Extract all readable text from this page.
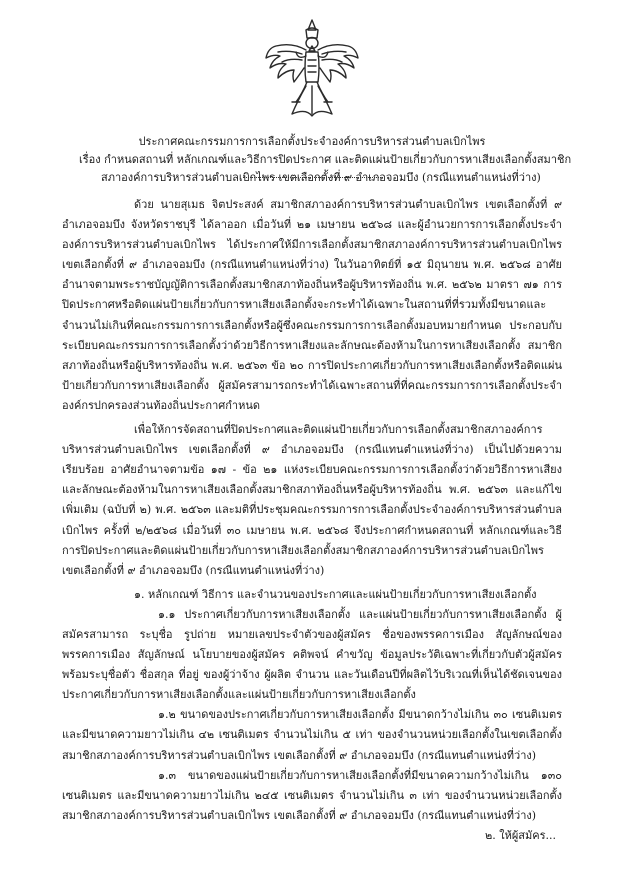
ประกาศคณะกรรมการการเลือกตั้งประจำองค์การบริหารส่วนตำบลเบิกไพร
เรื่อง กำหนดสถานที่ หลักเกณฑ์และวิธีการปิดประกาศ และติดแผ่นป้ายเกี่ยวกับการหาเสียงเลือกตั้งสมาชิก
สภาองค์การบริหารส่วนตำบลเบิกไพร เขตเลือกตั้งที่ ๙ อำเภอจอมบึง (กรณีแทนตำแหน่งที่ว่าง)

ด้วย นายสุเมธ จิตประสงค์ สมาชิกสภาองค์การบริหารส่วนตำบลเบิกไพร เขตเลือกตั้งที่ ๙ อำเภอจอมบึง จังหวัดราชบุรี ได้ลาออก เมื่อวันที่ ๒๑ เมษายน ๒๕๖๘ และผู้อำนวยการการเลือกตั้งประจำองค์การบริหารส่วนตำบลเบิกไพร ได้ประกาศให้มีการเลือกตั้งสมาชิกสภาองค์การบริหารส่วนตำบลเบิกไพร เขตเลือกตั้งที่ ๙ อำเภอจอมบึง (กรณีแทนตำแหน่งที่ว่าง) ในวันอาทิตย์ที่ ๑๕ มิถุนายน พ.ศ. ๒๕๖๘ อาศัยอำนาจตามพระราชบัญญัติการเลือกตั้งสมาชิกสภาท้องถิ่นหรือผู้บริหารท้องถิ่น พ.ศ. ๒๕๖๒ มาตรา ๗๑ การปิดประกาศหรือติดแผ่นป้ายเกี่ยวกับการหาเสียงเลือกตั้งจะกระทำได้เฉพาะในสถานที่ที่รวมทั้งมีขนาดและจำนวนไม่เกินที่คณะกรรมการการเลือกตั้งหรือผู้ซึ่งคณะกรรมการการเลือกตั้งมอบหมายกำหนด ประกอบกับระเบียบคณะกรรมการการเลือกตั้งว่าด้วยวิธีการหาเสียงและลักษณะต้องห้ามในการหาเสียงเลือกตั้ง สมาชิกสภาท้องถิ่นหรือผู้บริหารท้องถิ่น พ.ศ. ๒๕๖๓ ข้อ ๒๐ การปิดประกาศเกี่ยวกับการหาเสียงเลือกตั้งหรือติดแผ่นป้ายเกี่ยวกับการหาเสียงเลือกตั้ง ผู้สมัครสามารถกระทำได้เฉพาะสถานที่ที่คณะกรรมการการเลือกตั้งประจำองค์กรปกครองส่วนท้องถิ่นประกาศกำหนด

เพื่อให้การจัดสถานที่ปิดประกาศและติดแผ่นป้ายเกี่ยวกับการเลือกตั้งสมาชิกสภาองค์การบริหารส่วนตำบลเบิกไพร เขตเลือกตั้งที่ ๙ อำเภอจอมบึง (กรณีแทนตำแหน่งที่ว่าง) เป็นไปด้วยความเรียบร้อย อาศัยอำนาจตามข้อ ๑๗ - ข้อ ๒๑ แห่งระเบียบคณะกรรมการการเลือกตั้งว่าด้วยวิธีการหาเสียงและลักษณะต้องห้ามในการหาเสียงเลือกตั้งสมาชิกสภาท้องถิ่นหรือผู้บริหารท้องถิ่น พ.ศ. ๒๕๖๓ และแก้ไขเพิ่มเติม (ฉบับที่ ๒) พ.ศ. ๒๕๖๓ และมติที่ประชุมคณะกรรมการการเลือกตั้งประจำองค์การบริหารส่วนตำบลเบิกไพร ครั้งที่ ๒/๒๕๖๘ เมื่อวันที่ ๓๐ เมษายน พ.ศ. ๒๕๖๘ จึงประกาศกำหนดสถานที่ หลักเกณฑ์และวิธีการปิดประกาศและติดแผ่นป้ายเกี่ยวกับการหาเสียงเลือกตั้งสมาชิกสภาองค์การบริหารส่วนตำบลเบิกไพร เขตเลือกตั้งที่ ๙ อำเภอจอมบึง (กรณีแทนตำแหน่งที่ว่าง)

๑. หลักเกณฑ์ วิธีการ และจำนวนของประกาศและแผ่นป้ายเกี่ยวกับการหาเสียงเลือกตั้ง

๑.๑ ประกาศเกี่ยวกับการหาเสียงเลือกตั้ง และแผ่นป้ายเกี่ยวกับการหาเสียงเลือกตั้ง ผู้สมัครสามารถ ระบุชื่อ รูปถ่าย หมายเลขประจำตัวของผู้สมัคร ชื่อของพรรคการเมือง สัญลักษณ์ของพรรคการเมือง สัญลักษณ์ นโยบายของผู้สมัคร คติพจน์ คำขวัญ ข้อมูลประวัติเฉพาะที่เกี่ยวกับตัวผู้สมัคร พร้อมระบุชื่อตัว ชื่อสกุล ที่อยู่ ของผู้ว่าจ้าง ผู้ผลิต จำนวน และวันเดือนปีที่ผลิตไว้บริเวณที่เห็นได้ชัดเจนของประกาศเกี่ยวกับการหาเสียงเลือกตั้งและแผ่นป้ายเกี่ยวกับการหาเสียงเลือกตั้ง

๑.๒ ขนาดของประกาศเกี่ยวกับการหาเสียงเลือกตั้ง มีขนาดกว้างไม่เกิน ๓๐ เซนติเมตร และมีขนาดความยาวไม่เกิน ๔๒ เซนติเมตร จำนวนไม่เกิน ๕ เท่า ของจำนวนหน่วยเลือกตั้งในเขตเลือกตั้ง สมาชิกสภาองค์การบริหารส่วนตำบลเบิกไพร เขตเลือกตั้งที่ ๙ อำเภอจอมบึง (กรณีแทนตำแหน่งที่ว่าง)

๑.๓ ขนาดของแผ่นป้ายเกี่ยวกับการหาเสียงเลือกตั้งที่มีขนาดความกว้างไม่เกิน ๑๓๐ เซนติเมตร และมีขนาดความยาวไม่เกิน ๒๔๕ เซนติเมตร จำนวนไม่เกิน ๓ เท่า ของจำนวนหน่วยเลือกตั้ง สมาชิกสภาองค์การบริหารส่วนตำบลเบิกไพร เขตเลือกตั้งที่ ๙ อำเภอจอมบึง (กรณีแทนตำแหน่งที่ว่าง)

๒. ให้ผู้สมัคร...
